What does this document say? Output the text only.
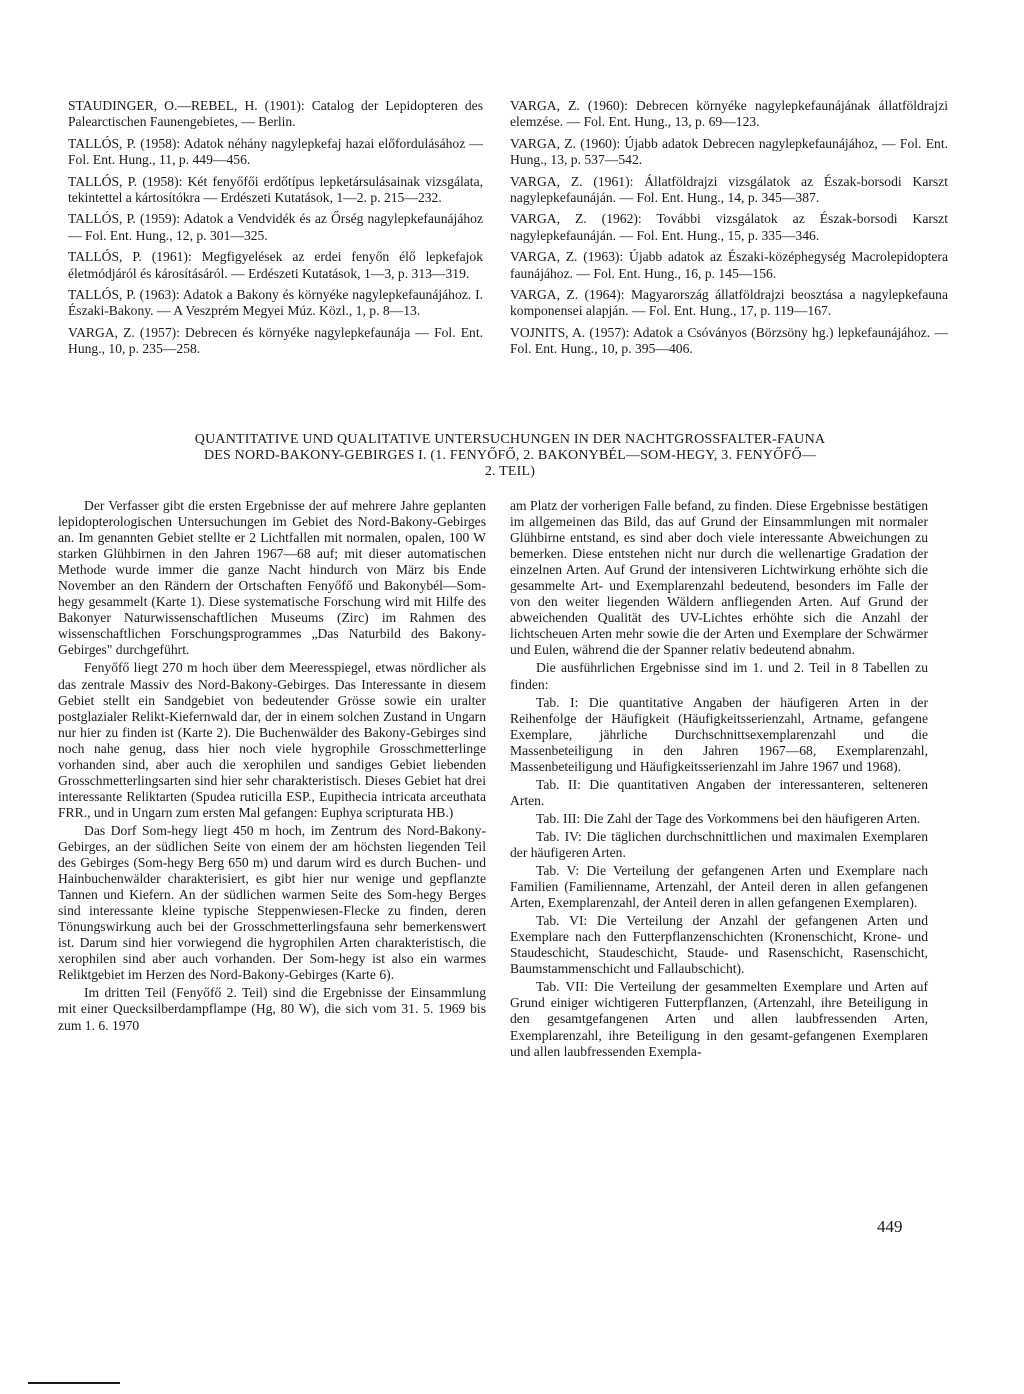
STAUDINGER, O.—REBEL, H. (1901): Catalog der Lepidopteren des Palearctischen Faunengebietes, — Berlin.

TALLÓS, P. (1958): Adatok néhány nagylepkefaj hazai előfordulásához — Fol. Ent. Hung., 11, p. 449—456.

TALLÓS, P. (1958): Két fenyőfői erdőtípus lepketársulásainak vizsgálata, tekintettel a kártosítókra — Erdészeti Kutatások, 1—2. p. 215—232.

TALLÓS, P. (1959): Adatok a Vendvidék és az Őrség nagylepkefaunájához — Fol. Ent. Hung., 12, p. 301—325.

TALLÓS, P. (1961): Megfigyelések az erdei fenyőn élő lepkefajok életmódjáról és károsításáról. — Erdészeti Kutatások, 1—3, p. 313—319.

TALLÓS, P. (1963): Adatok a Bakony és környéke nagylepkefaunájához. I. Északi-Bakony. — A Veszprém Megyei Múz. Közl., 1, p. 8—13.

VARGA, Z. (1957): Debrecen és környéke nagylepkefaunája — Fol. Ent. Hung., 10, p. 235—258.

VARGA, Z. (1960): Debrecen környéke nagylepkefaunájának állatföldrajzi elemzése. — Fol. Ent. Hung., 13, p. 69—123.

VARGA, Z. (1960): Újabb adatok Debrecen nagylepkefaunájához, — Fol. Ent. Hung., 13, p. 537—542.

VARGA, Z. (1961): Állatföldrajzi vizsgálatok az Észak-borsodi Karszt nagylepkefaunáján. — Fol. Ent. Hung., 14, p. 345—387.

VARGA, Z. (1962): További vizsgálatok az Észak-borsodi Karszt nagylepkefaunáján. — Fol. Ent. Hung., 15, p. 335—346.

VARGA, Z. (1963): Újabb adatok az Északi-középhegység Macrolepidoptera faunájához. — Fol. Ent. Hung., 16, p. 145—156.

VARGA, Z. (1964): Magyarország állatföldrajzi beosztása a nagylepkefauna komponensei alapján. — Fol. Ent. Hung., 17, p. 119—167.

VOJNITS, A. (1957): Adatok a Csóványos (Börzsöny hg.) lepkefaunájához. — Fol. Ent. Hung., 10, p. 395—406.

QUANTITATIVE UND QUALITATIVE UNTERSUCHUNGEN IN DER NACHTGROSSFALTER-FAUNA
DES NORD-BAKONY-GEBIRGES I. (1. FENYŐFŐ, 2. BAKONYBÉL—SOM-HEGY, 3. FENYŐFŐ—
2. TEIL)

Der Verfasser gibt die ersten Ergebnisse der auf mehrere Jahre geplanten lepidopterologischen Untersuchungen im Gebiet des Nord-Bakony-Gebirges an. Im genannten Gebiet stellte er 2 Lichtfallen mit normalen, opalen, 100 W starken Glühbirnen in den Jahren 1967—68 auf; mit dieser automatischen Methode wurde immer die ganze Nacht hindurch von März bis Ende November an den Rändern der Ortschaften Fenyőfő und Bakonybél—Som-hegy gesammelt (Karte 1). Diese systematische Forschung wird mit Hilfe des Bakonyer Naturwissenschaftlichen Museums (Zirc) im Rahmen des wissenschaftlichen Forschungsprogrammes „Das Naturbild des Bakony-Gebirges" durchgeführt.

Fenyőfő liegt 270 m hoch über dem Meeresspiegel, etwas nördlicher als das zentrale Massiv des Nord-Bakony-Gebirges. Das Interessante in diesem Gebiet stellt ein Sandgebiet von bedeutender Grösse sowie ein uralter postglazialer Relikt-Kiefernwald dar, der in einem solchen Zustand in Ungarn nur hier zu finden ist (Karte 2). Die Buchenwälder des Bakony-Gebirges sind noch nahe genug, dass hier noch viele hygrophile Grosschmetterlinge vorhanden sind, aber auch die xerophilen und sandiges Gebiet liebenden Grosschmetterlingsarten sind hier sehr charakteristisch. Dieses Gebiet hat drei interessante Reliktarten (Spudea ruticilla ESP., Eupithecia intricata arceuthata FRR., und in Ungarn zum ersten Mal gefangen: Euphya scripturata HB.)

Das Dorf Som-hegy liegt 450 m hoch, im Zentrum des Nord-Bakony-Gebirges, an der südlichen Seite von einem der am höchsten liegenden Teil des Gebirges (Som-hegy Berg 650 m) und darum wird es durch Buchen- und Hainbuchenwälder charakterisiert, es gibt hier nur wenige und gepflanzte Tannen und Kiefern. An der südlichen warmen Seite des Som-hegy Berges sind interessante kleine typische Steppenwiesen-Flecke zu finden, deren Tönungswirkung auch bei der Grosschmetterlingsfauna sehr bemerkenswert ist. Darum sind hier vorwiegend die hygrophilen Arten charakteristisch, die xerophilen sind aber auch vorhanden. Der Som-hegy ist also ein warmes Reliktgebiet im Herzen des Nord-Bakony-Gebirges (Karte 6).

Im dritten Teil (Fenyőfő 2. Teil) sind die Ergebnisse der Einsammlung mit einer Quecksilberdampflampe (Hg, 80 W), die sich vom 31. 5. 1969 bis zum 1. 6. 1970

am Platz der vorherigen Falle befand, zu finden. Diese Ergebnisse bestätigen im allgemeinen das Bild, das auf Grund der Einsammlungen mit normaler Glühbirne entstand, es sind aber doch viele interessante Abweichungen zu bemerken. Diese entstehen nicht nur durch die wellenartige Gradation der einzelnen Arten. Auf Grund der intensiveren Lichtwirkung erhöhte sich die gesammelte Art- und Exemplarenzahl bedeutend, besonders im Falle der von den weiter liegenden Wäldern anfliegenden Arten. Auf Grund der abweichenden Qualität des UV-Lichtes erhöhte sich die Anzahl der lichtscheuen Arten mehr sowie die der Arten und Exemplare der Schwärmer und Eulen, während die der Spanner relativ bedeutend abnahm.

Die ausführlichen Ergebnisse sind im 1. und 2. Teil in 8 Tabellen zu finden:

Tab. I: Die quantitative Angaben der häufigeren Arten in der Reihenfolge der Häufigkeit (Häufigkeitsserienzahl, Artname, gefangene Exemplare, jährliche Durchschnittsexemplarenzahl und die Massenbeteiligung in den Jahren 1967—68, Exemplarenzahl, Massenbeteiligung und Häufigkeitsserienzahl im Jahre 1967 und 1968).

Tab. II: Die quantitativen Angaben der interessanteren, selteneren Arten.

Tab. III: Die Zahl der Tage des Vorkommens bei den häufigeren Arten.

Tab. IV: Die täglichen durchschnittlichen und maximalen Exemplaren der häufigeren Arten.

Tab. V: Die Verteilung der gefangenen Arten und Exemplare nach Familien (Familienname, Artenzahl, der Anteil deren in allen gefangenen Arten, Exemplarenzahl, der Anteil deren in allen gefangenen Exemplaren).

Tab. VI: Die Verteilung der Anzahl der gefangenen Arten und Exemplare nach den Futterpflanzenschichten (Kronenschicht, Krone- und Staudeschicht, Staudeschicht, Staude- und Rasenschicht, Rasenschicht, Baumstammenschicht und Fallaubschicht).

Tab. VII: Die Verteilung der gesammelten Exemplare und Arten auf Grund einiger wichtigeren Futterpflanzen, (Artenzahl, ihre Beteiligung in den gesamtgefangenen Arten und allen laubfressenden Arten, Exemplarenzahl, ihre Beteiligung in den gesamt-gefangenen Exemplaren und allen laubfressenden Exempla-

449
